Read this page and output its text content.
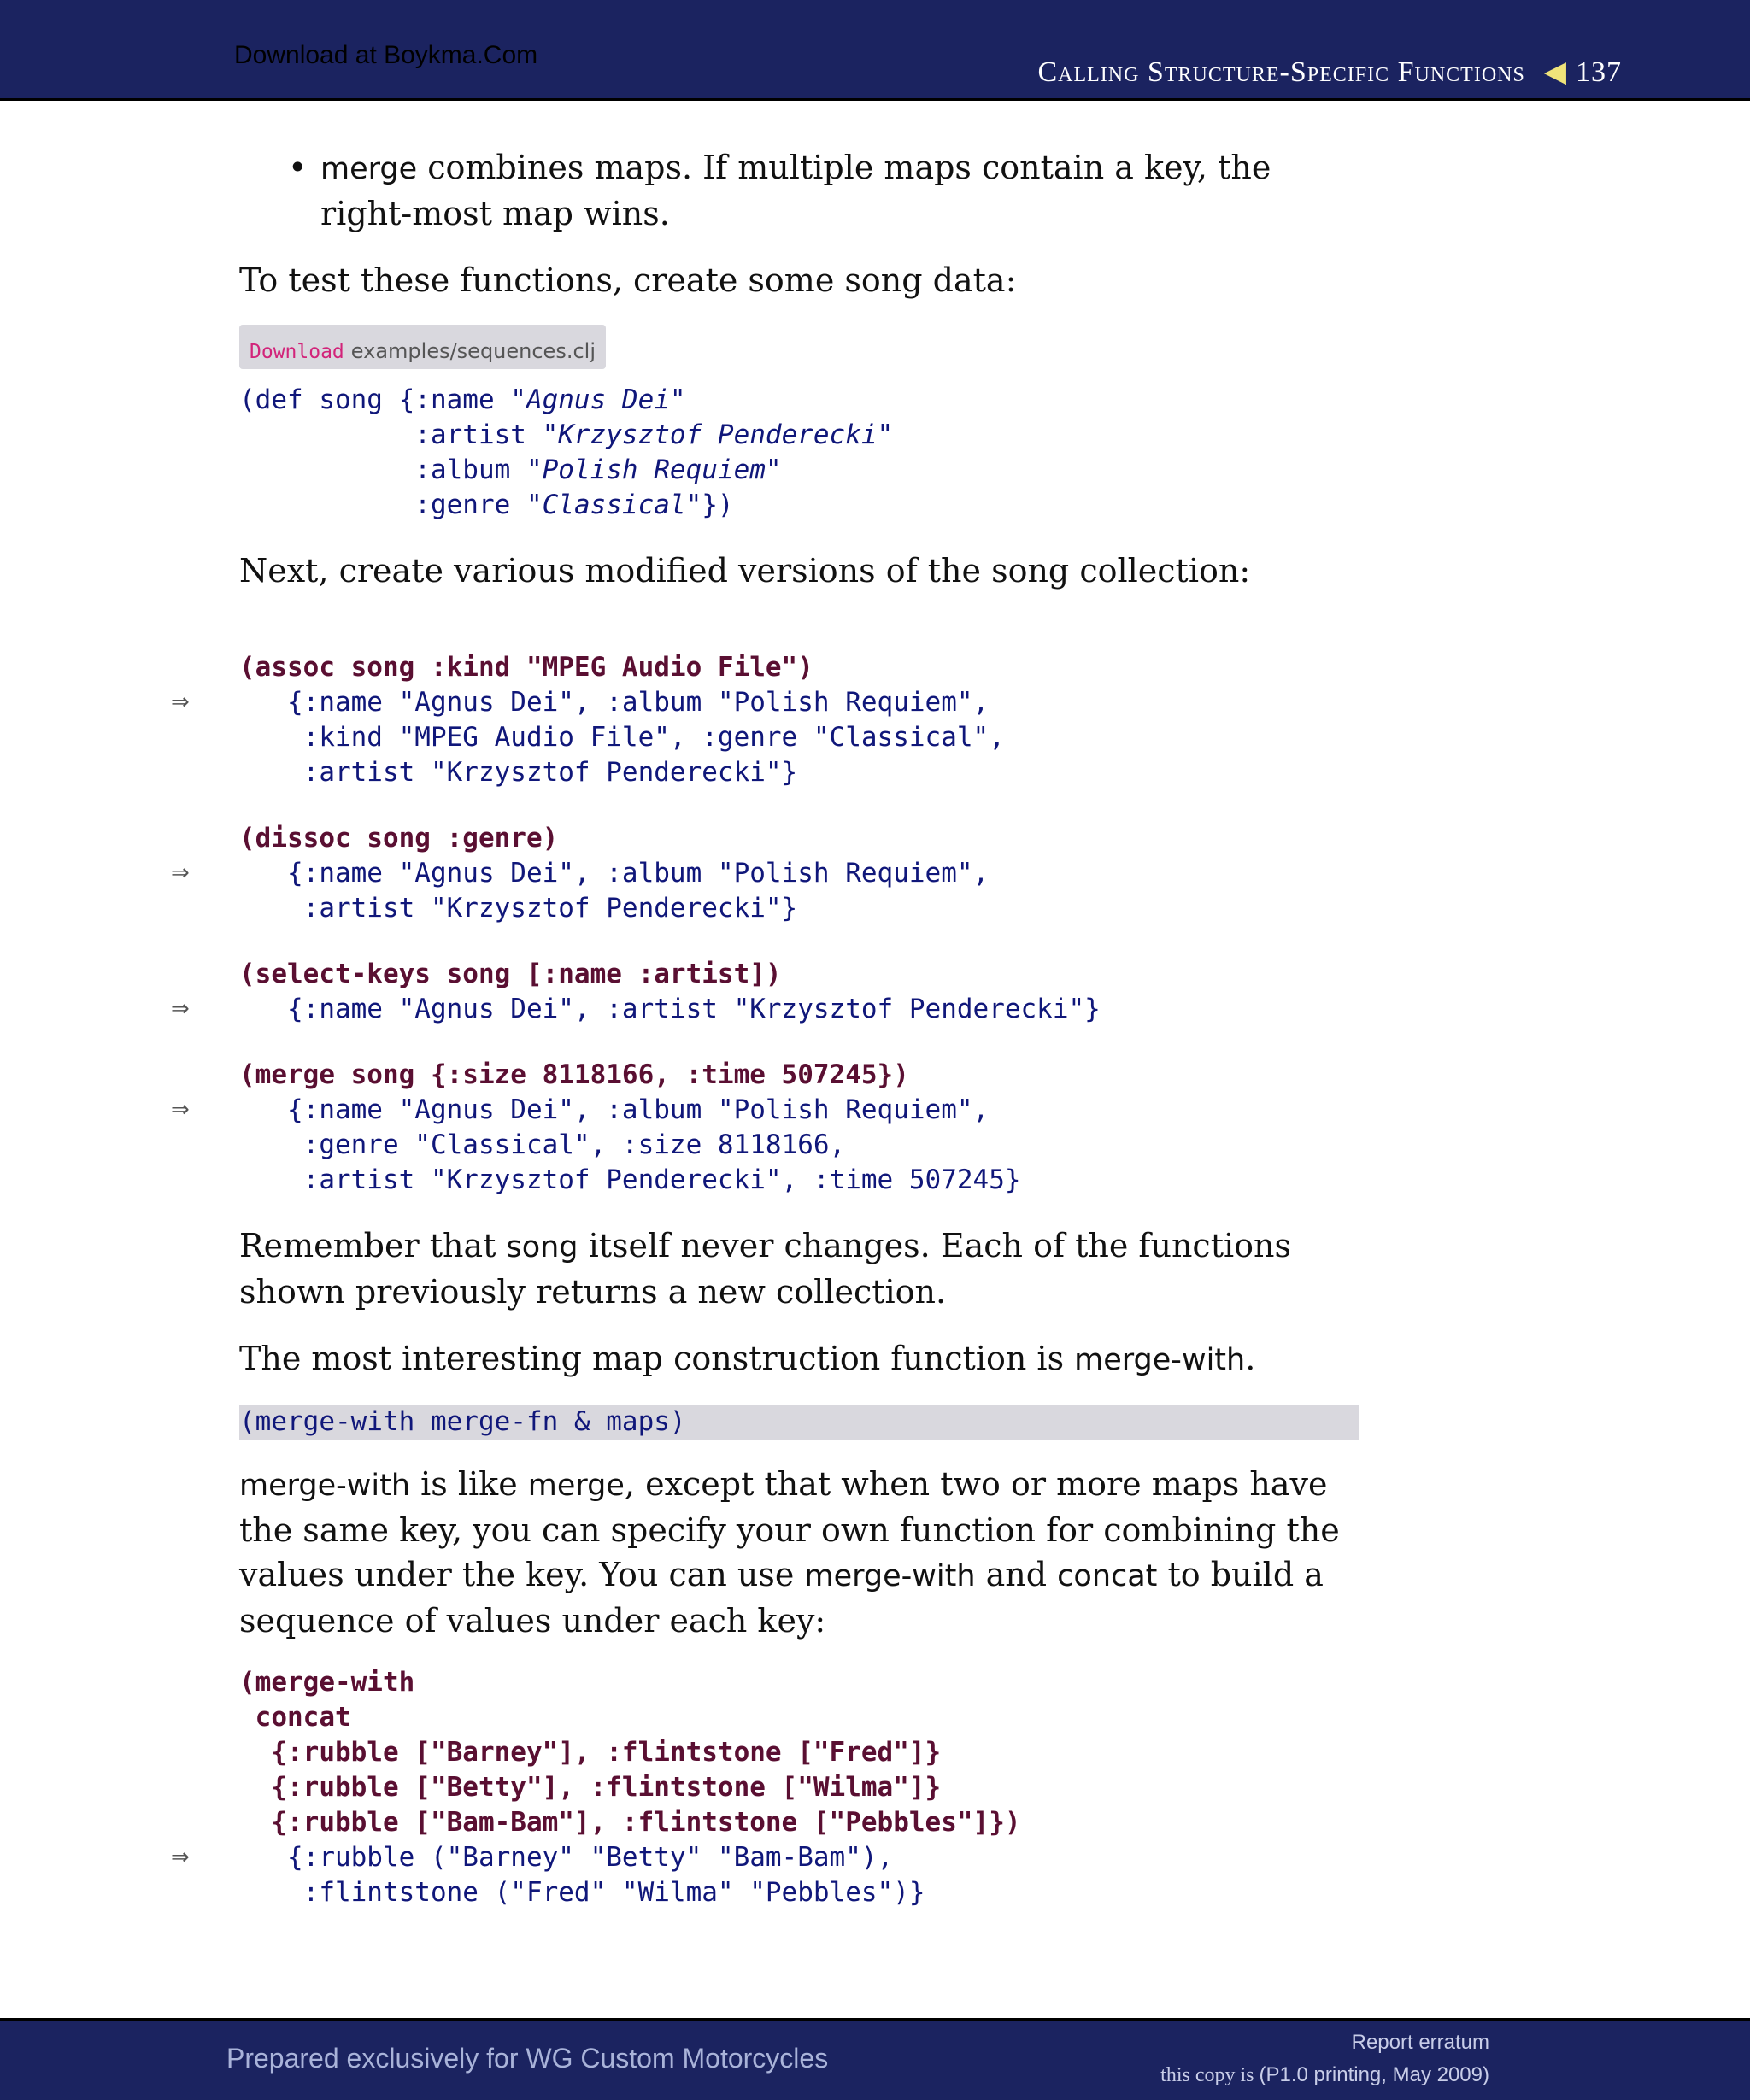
Download at Boykma.Com
Calling Structure-Specific Functions ◀ 137

• merge combines maps. If multiple maps contain a key, the right-most map wins.

To test these functions, create some song data:

Download examples/sequences.clj
(def song {:name "Agnus Dei"
:artist "Krzysztof Penderecki"
:album "Polish Requiem"
:genre "Classical"})

Next, create various modified versions of the song collection:

(assoc song :kind "MPEG Audio File")
⇒ {:name "Agnus Dei", :album "Polish Requiem",
:kind "MPEG Audio File", :genre "Classical",
:artist "Krzysztof Penderecki"}
(dissoc song :genre)
⇒ {:name "Agnus Dei", :album "Polish Requiem",
:artist "Krzysztof Penderecki"}
(select-keys song [:name :artist])
⇒ {:name "Agnus Dei", :artist "Krzysztof Penderecki"}
(merge song {:size 8118166, :time 507245})
⇒ {:name "Agnus Dei", :album "Polish Requiem",
:genre "Classical", :size 8118166,
:artist "Krzysztof Penderecki", :time 507245}

Remember that song itself never changes. Each of the functions shown previously returns a new collection.

The most interesting map construction function is merge-with.

(merge-with merge-fn & maps)

merge-with is like merge, except that when two or more maps have the same key, you can specify your own function for combining the values under the key. You can use merge-with and concat to build a sequence of values under each key:

(merge-with
concat
{:rubble ["Barney"], :flintstone ["Fred"]}
{:rubble ["Betty"], :flintstone ["Wilma"]}
{:rubble ["Bam-Bam"], :flintstone ["Pebbles"]})
⇒ {:rubble ("Barney" "Betty" "Bam-Bam"),
:flintstone ("Fred" "Wilma" "Pebbles")}
Prepared exclusively for WG Custom Motorcycles
Report erratum
this copy is (P1.0 printing, May 2009)
